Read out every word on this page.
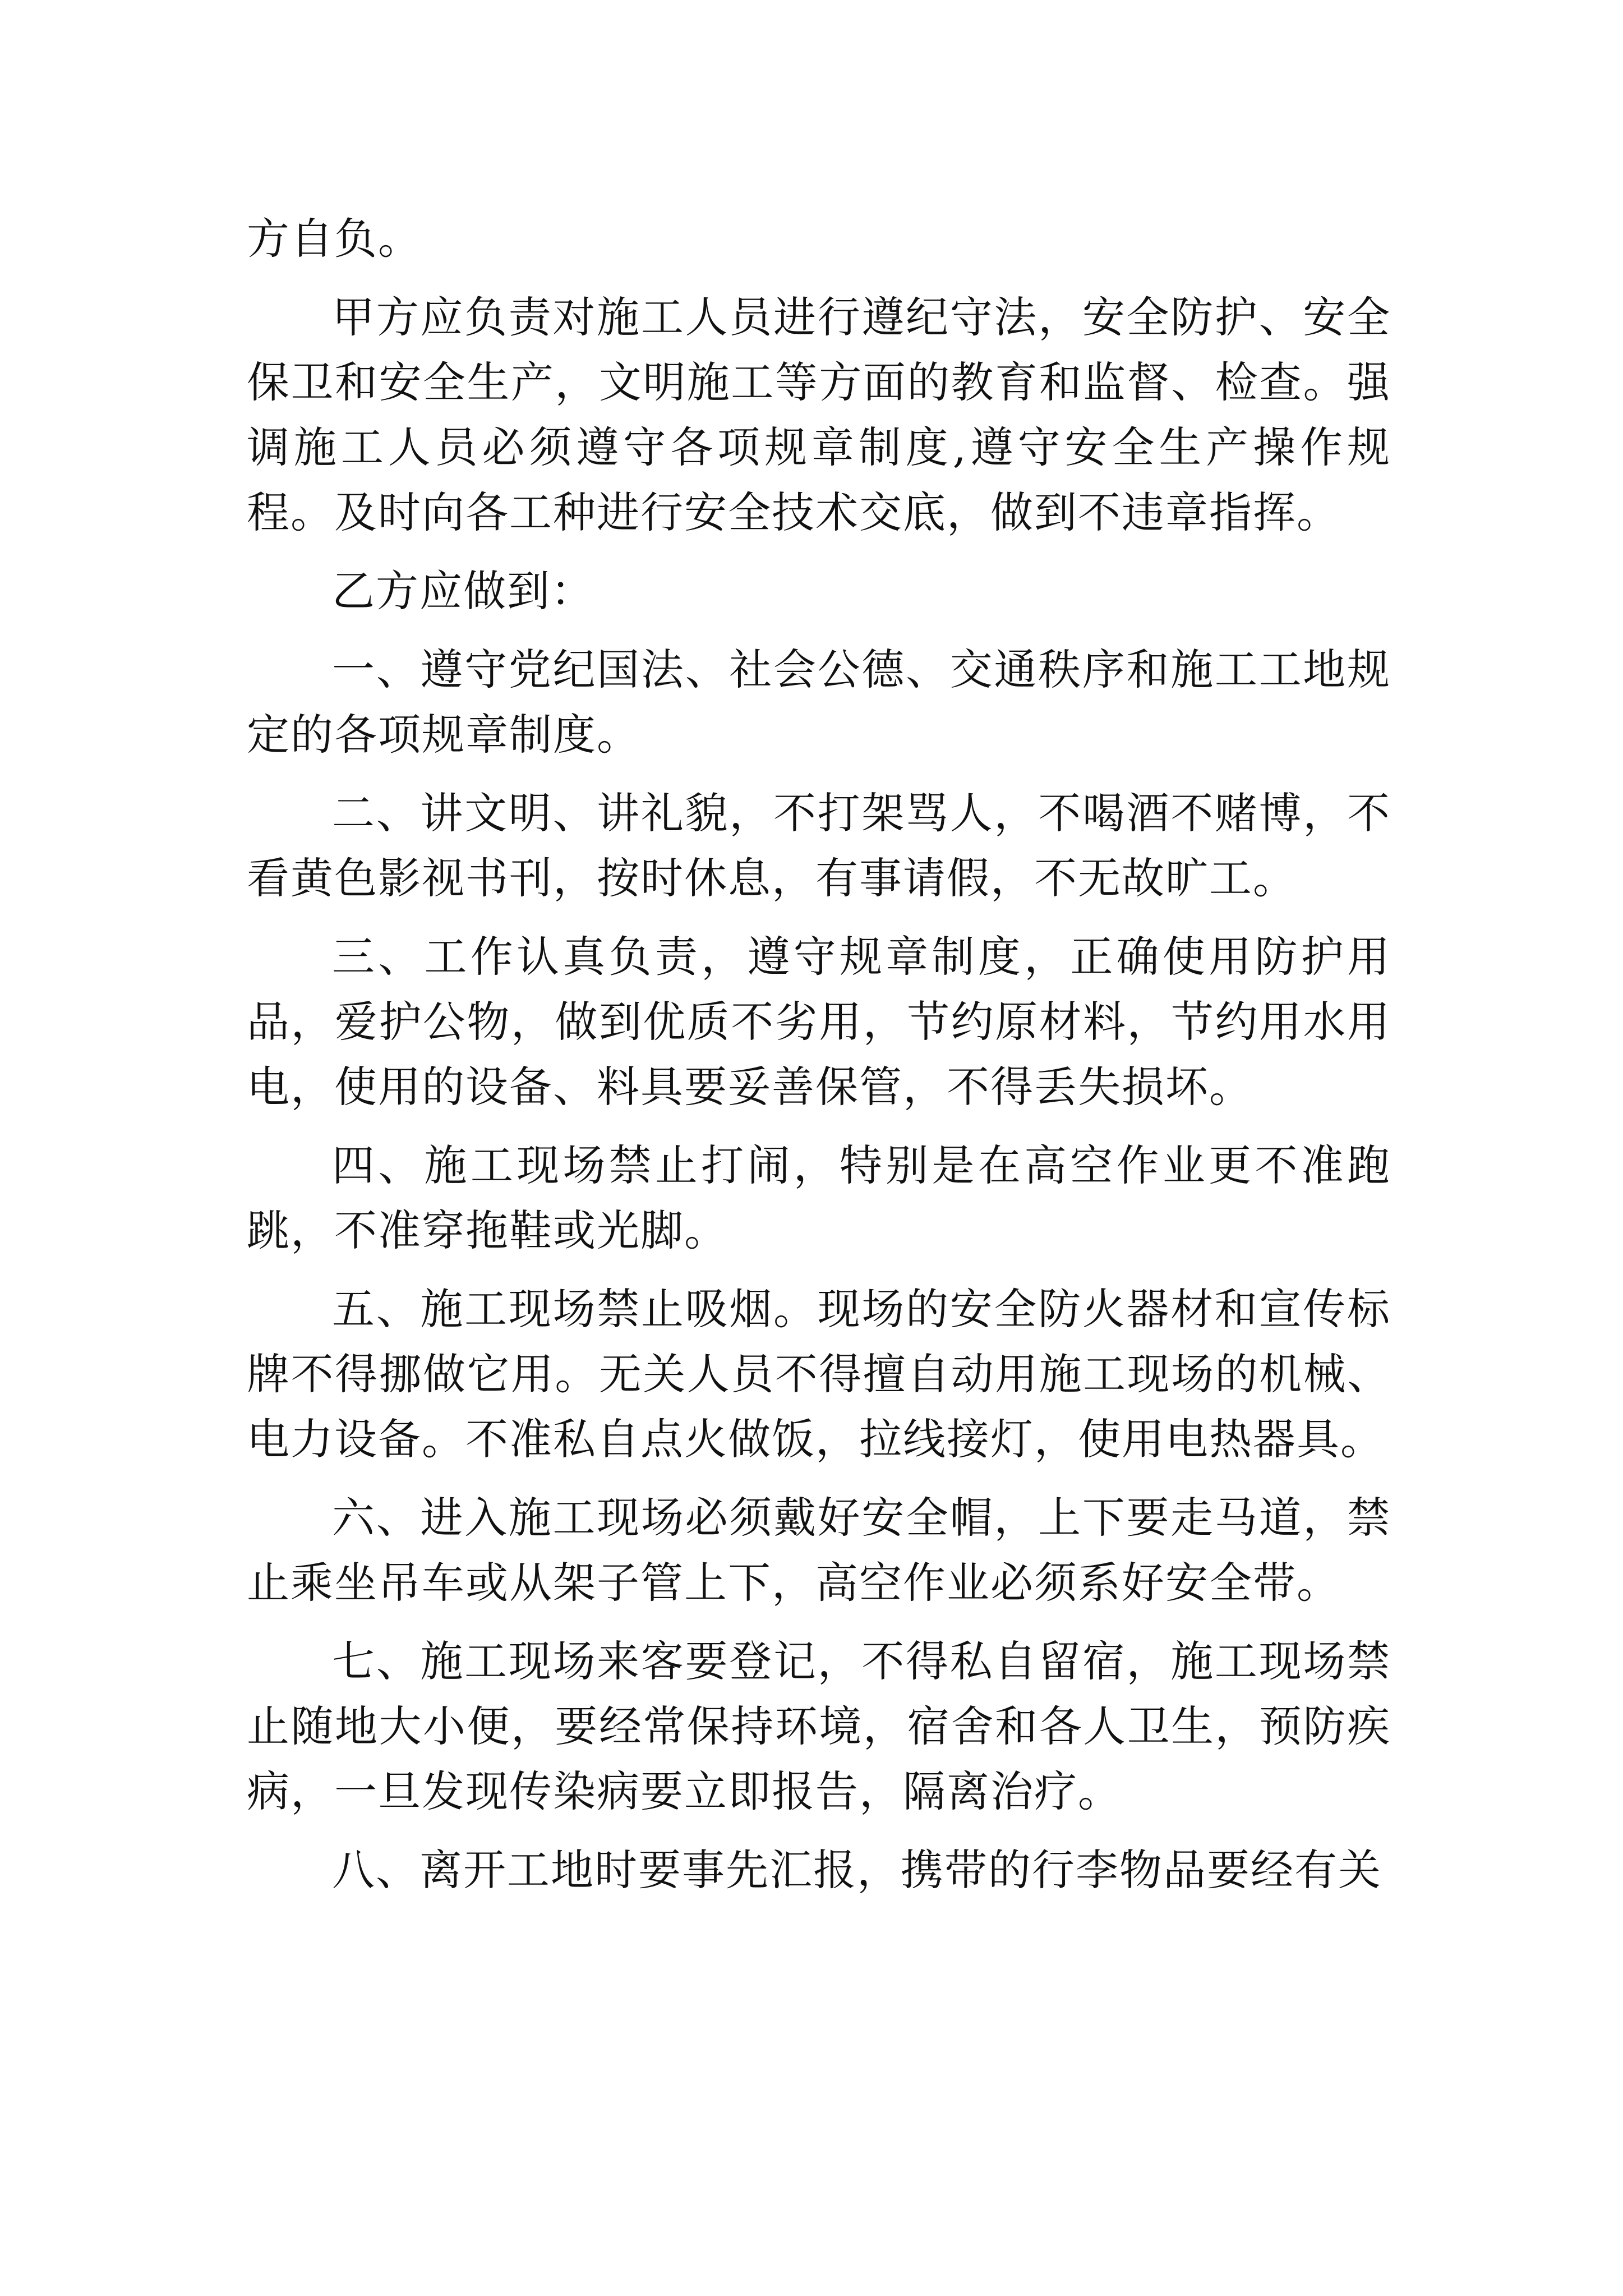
方自负。

甲方应负责对施工人员进行遵纪守法，安全防护、安全保卫和安全生产，文明施工等方面的教育和监督、检查。强调施工人员必须遵守各项规章制度,遵守安全生产操作规程。及时向各工种进行安全技术交底，做到不违章指挥。

乙方应做到：

一、遵守党纪国法、社会公德、交通秩序和施工工地规定的各项规章制度。

二、讲文明、讲礼貌，不打架骂人，不喝酒不赌博，不看黄色影视书刊，按时休息，有事请假，不无故旷工。

三、工作认真负责，遵守规章制度，正确使用防护用品，爱护公物，做到优质不劣用，节约原材料，节约用水用电，使用的设备、料具要妥善保管，不得丢失损坏。

四、施工现场禁止打闹，特别是在高空作业更不准跑跳，不准穿拖鞋或光脚。

五、施工现场禁止吸烟。现场的安全防火器材和宣传标牌不得挪做它用。无关人员不得擅自动用施工现场的机械、电力设备。不准私自点火做饭，拉线接灯，使用电热器具。

六、进入施工现场必须戴好安全帽，上下要走马道，禁止乘坐吊车或从架子管上下，高空作业必须系好安全带。

七、施工现场来客要登记，不得私自留宿，施工现场禁止随地大小便，要经常保持环境，宿舍和各人卫生，预防疾病，一旦发现传染病要立即报告，隔离治疗。

八、离开工地时要事先汇报，携带的行李物品要经有关
